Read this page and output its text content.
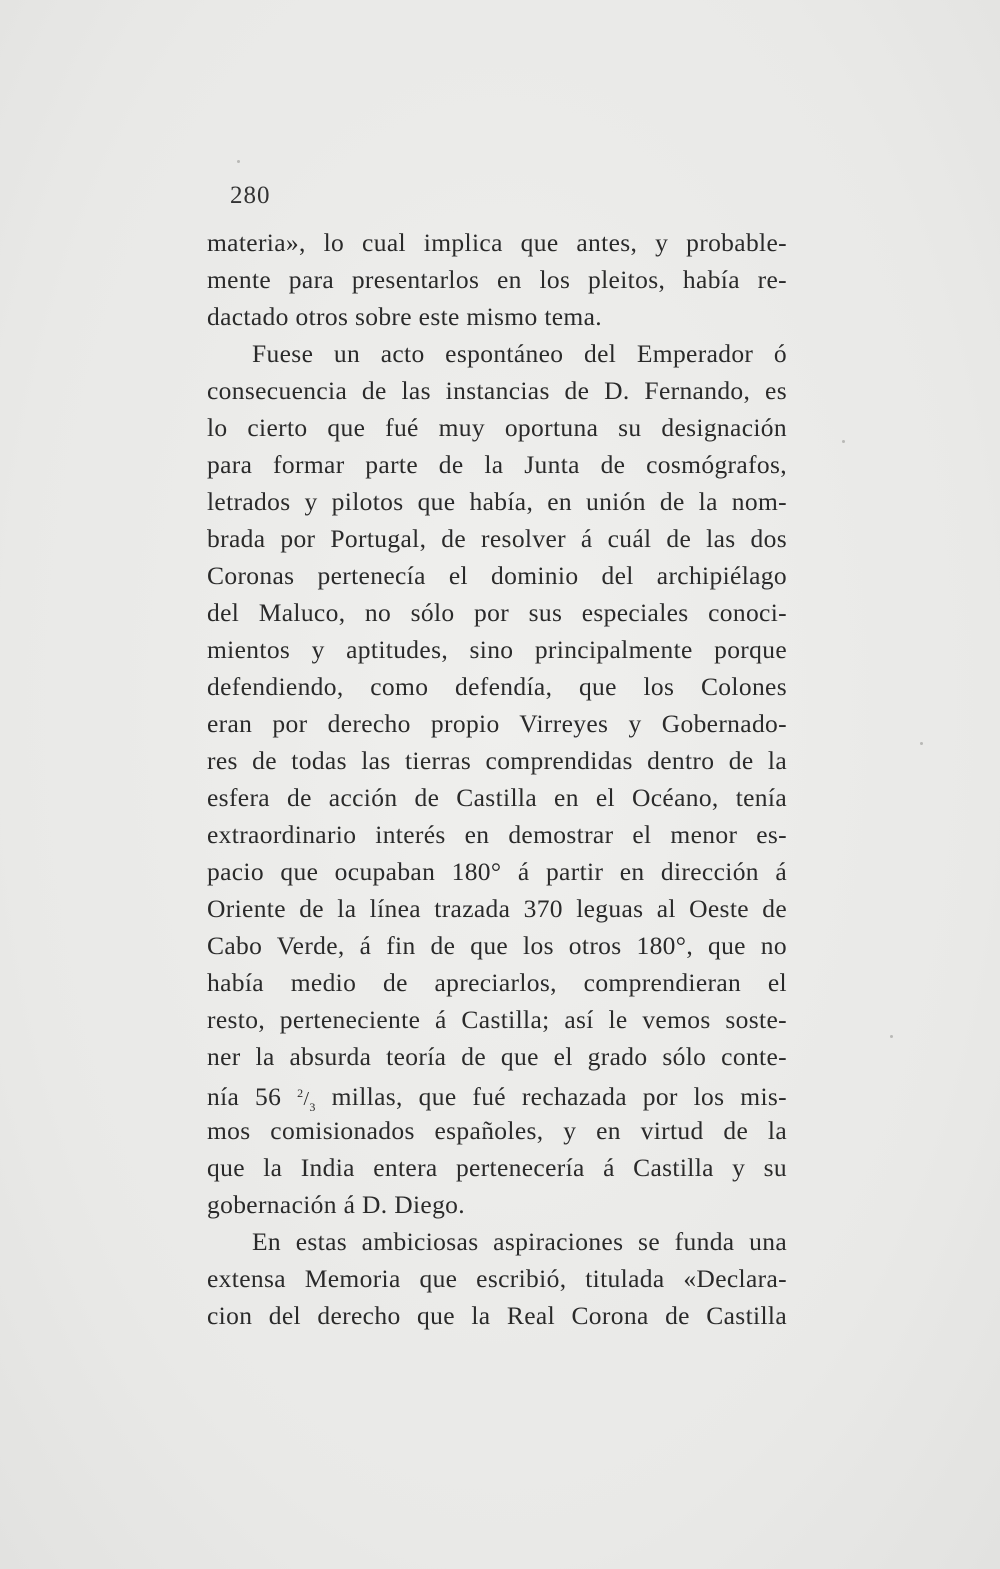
280
materia», lo cual implica que antes, y probable-
mente para presentarlos en los pleitos, había re-
dactado otros sobre este mismo tema.
Fuese un acto espontáneo del Emperador ó
consecuencia de las instancias de D. Fernando, es
lo cierto que fué muy oportuna su designación
para formar parte de la Junta de cosmógrafos,
letrados y pilotos que había, en unión de la nom-
brada por Portugal, de resolver á cuál de las dos
Coronas pertenecía el dominio del archipiélago
del Maluco, no sólo por sus especiales conoci-
mientos y aptitudes, sino principalmente porque
defendiendo, como defendía, que los Colones
eran por derecho propio Virreyes y Gobernado-
res de todas las tierras comprendidas dentro de la
esfera de acción de Castilla en el Océano, tenía
extraordinario interés en demostrar el menor es-
pacio que ocupaban 180° á partir en dirección á
Oriente de la línea trazada 370 leguas al Oeste de
Cabo Verde, á fin de que los otros 180°, que no
había medio de apreciarlos, comprendieran el
resto, perteneciente á Castilla; así le vemos soste-
ner la absurda teoría de que el grado sólo conte-
nía 56 $^2/_3$ millas, que fué rechazada por los mis-
mos comisionados españoles, y en virtud de la
que la India entera pertenecería á Castilla y su
gobernación á D. Diego.
En estas ambiciosas aspiraciones se funda una
extensa Memoria que escribió, titulada «Declara-
cion del derecho que la Real Corona de Castilla
